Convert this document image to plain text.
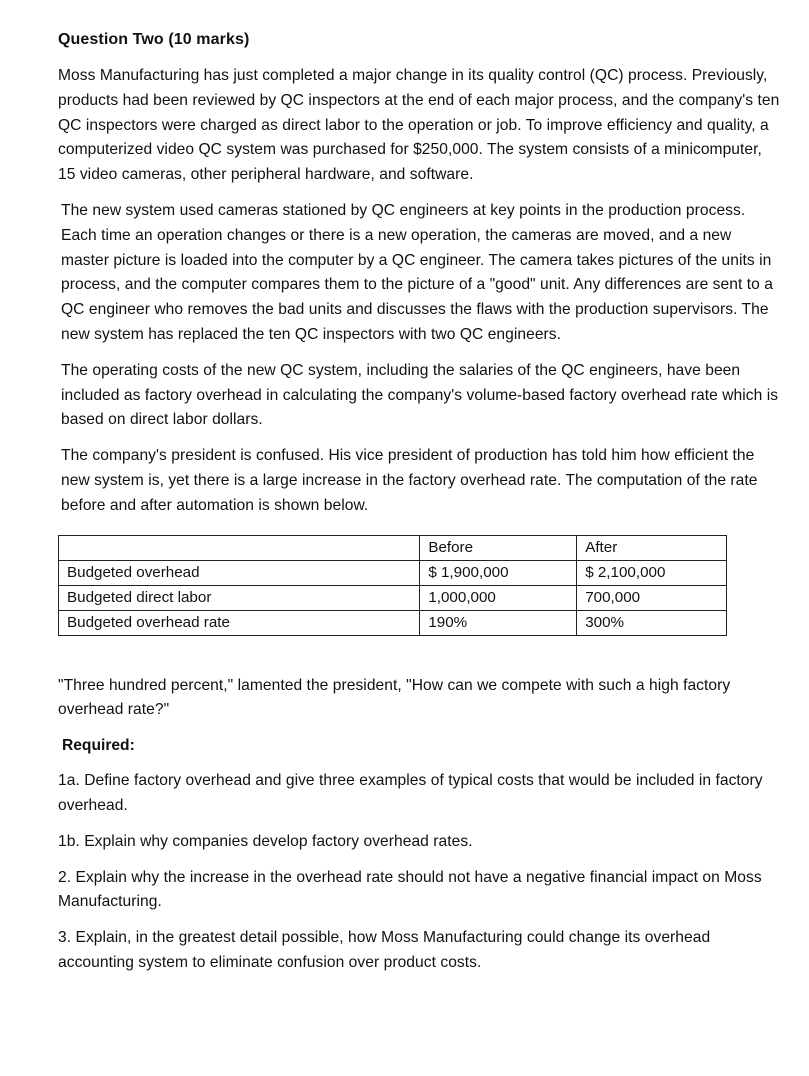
Question Two (10 marks)

Moss Manufacturing has just completed a major change in its quality control (QC) process. Previously, products had been reviewed by QC inspectors at the end of each major process, and the company's ten QC inspectors were charged as direct labor to the operation or job. To improve efficiency and quality, a computerized video QC system was purchased for $250,000. The system consists of a minicomputer, 15 video cameras, other peripheral hardware, and software.

The new system used cameras stationed by QC engineers at key points in the production process. Each time an operation changes or there is a new operation, the cameras are moved, and a new master picture is loaded into the computer by a QC engineer. The camera takes pictures of the units in process, and the computer compares them to the picture of a "good" unit. Any differences are sent to a QC engineer who removes the bad units and discusses the flaws with the production supervisors. The new system has replaced the ten QC inspectors with two QC engineers.

The operating costs of the new QC system, including the salaries of the QC engineers, have been included as factory overhead in calculating the company's volume-based factory overhead rate which is based on direct labor dollars.

The company's president is confused. His vice president of production has told him how efficient the new system is, yet there is a large increase in the factory overhead rate. The computation of the rate before and after automation is shown below.

	Before	After
Budgeted overhead	$ 1,900,000	$ 2,100,000
Budgeted direct labor	1,000,000	700,000
Budgeted overhead rate	190%	300%

"Three hundred percent," lamented the president, "How can we compete with such a high factory overhead rate?"

Required:

1a. Define factory overhead and give three examples of typical costs that would be included in factory overhead.

1b. Explain why companies develop factory overhead rates.

2. Explain why the increase in the overhead rate should not have a negative financial impact on Moss Manufacturing.

3. Explain, in the greatest detail possible, how Moss Manufacturing could change its overhead accounting system to eliminate confusion over product costs.
